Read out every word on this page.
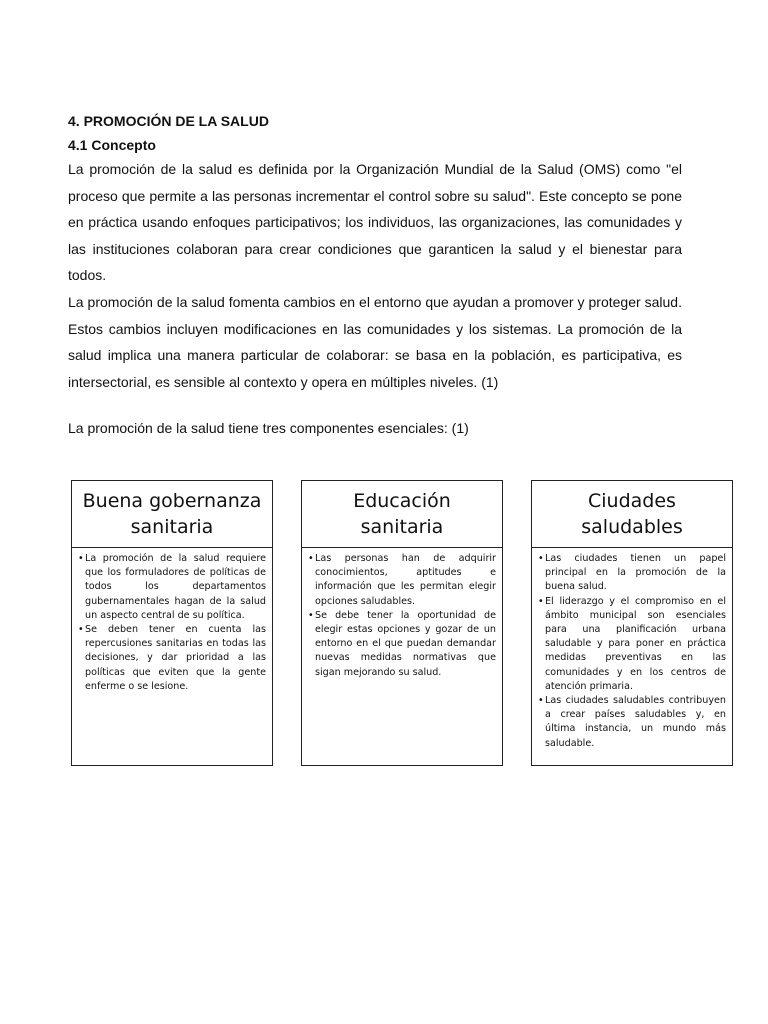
4. PROMOCIÓN DE LA SALUD

4.1 Concepto

La promoción de la salud es definida por la Organización Mundial de la Salud (OMS) como "el proceso que permite a las personas incrementar el control sobre su salud". Este concepto se pone en práctica usando enfoques participativos; los individuos, las organizaciones, las comunidades y las instituciones colaboran para crear condiciones que garanticen la salud y el bienestar para todos.

La promoción de la salud fomenta cambios en el entorno que ayudan a promover y proteger salud. Estos cambios incluyen modificaciones en las comunidades y los sistemas. La promoción de la salud implica una manera particular de colaborar: se basa en la población, es participativa, es intersectorial, es sensible al contexto y opera en múltiples niveles. (1)

La promoción de la salud tiene tres componentes esenciales: (1)

Buena gobernanza sanitaria
• La promoción de la salud requiere que los formuladores de políticas de todos los departamentos gubernamentales hagan de la salud un aspecto central de su política.
• Se deben tener en cuenta las repercusiones sanitarias en todas las decisiones, y dar prioridad a las políticas que eviten que la gente enferme o se lesione.
Educación sanitaria
• Las personas han de adquirir conocimientos, aptitudes e información que les permitan elegir opciones saludables.
• Se debe tener la oportunidad de elegir estas opciones y gozar de un entorno en el que puedan demandar nuevas medidas normativas que sigan mejorando su salud.
Ciudades saludables
• Las ciudades tienen un papel principal en la promoción de la buena salud.
• El liderazgo y el compromiso en el ámbito municipal son esenciales para una planificación urbana saludable y para poner en práctica medidas preventivas en las comunidades y en los centros de atención primaria.
• Las ciudades saludables contribuyen a crear países saludables y, en última instancia, un mundo más saludable.
